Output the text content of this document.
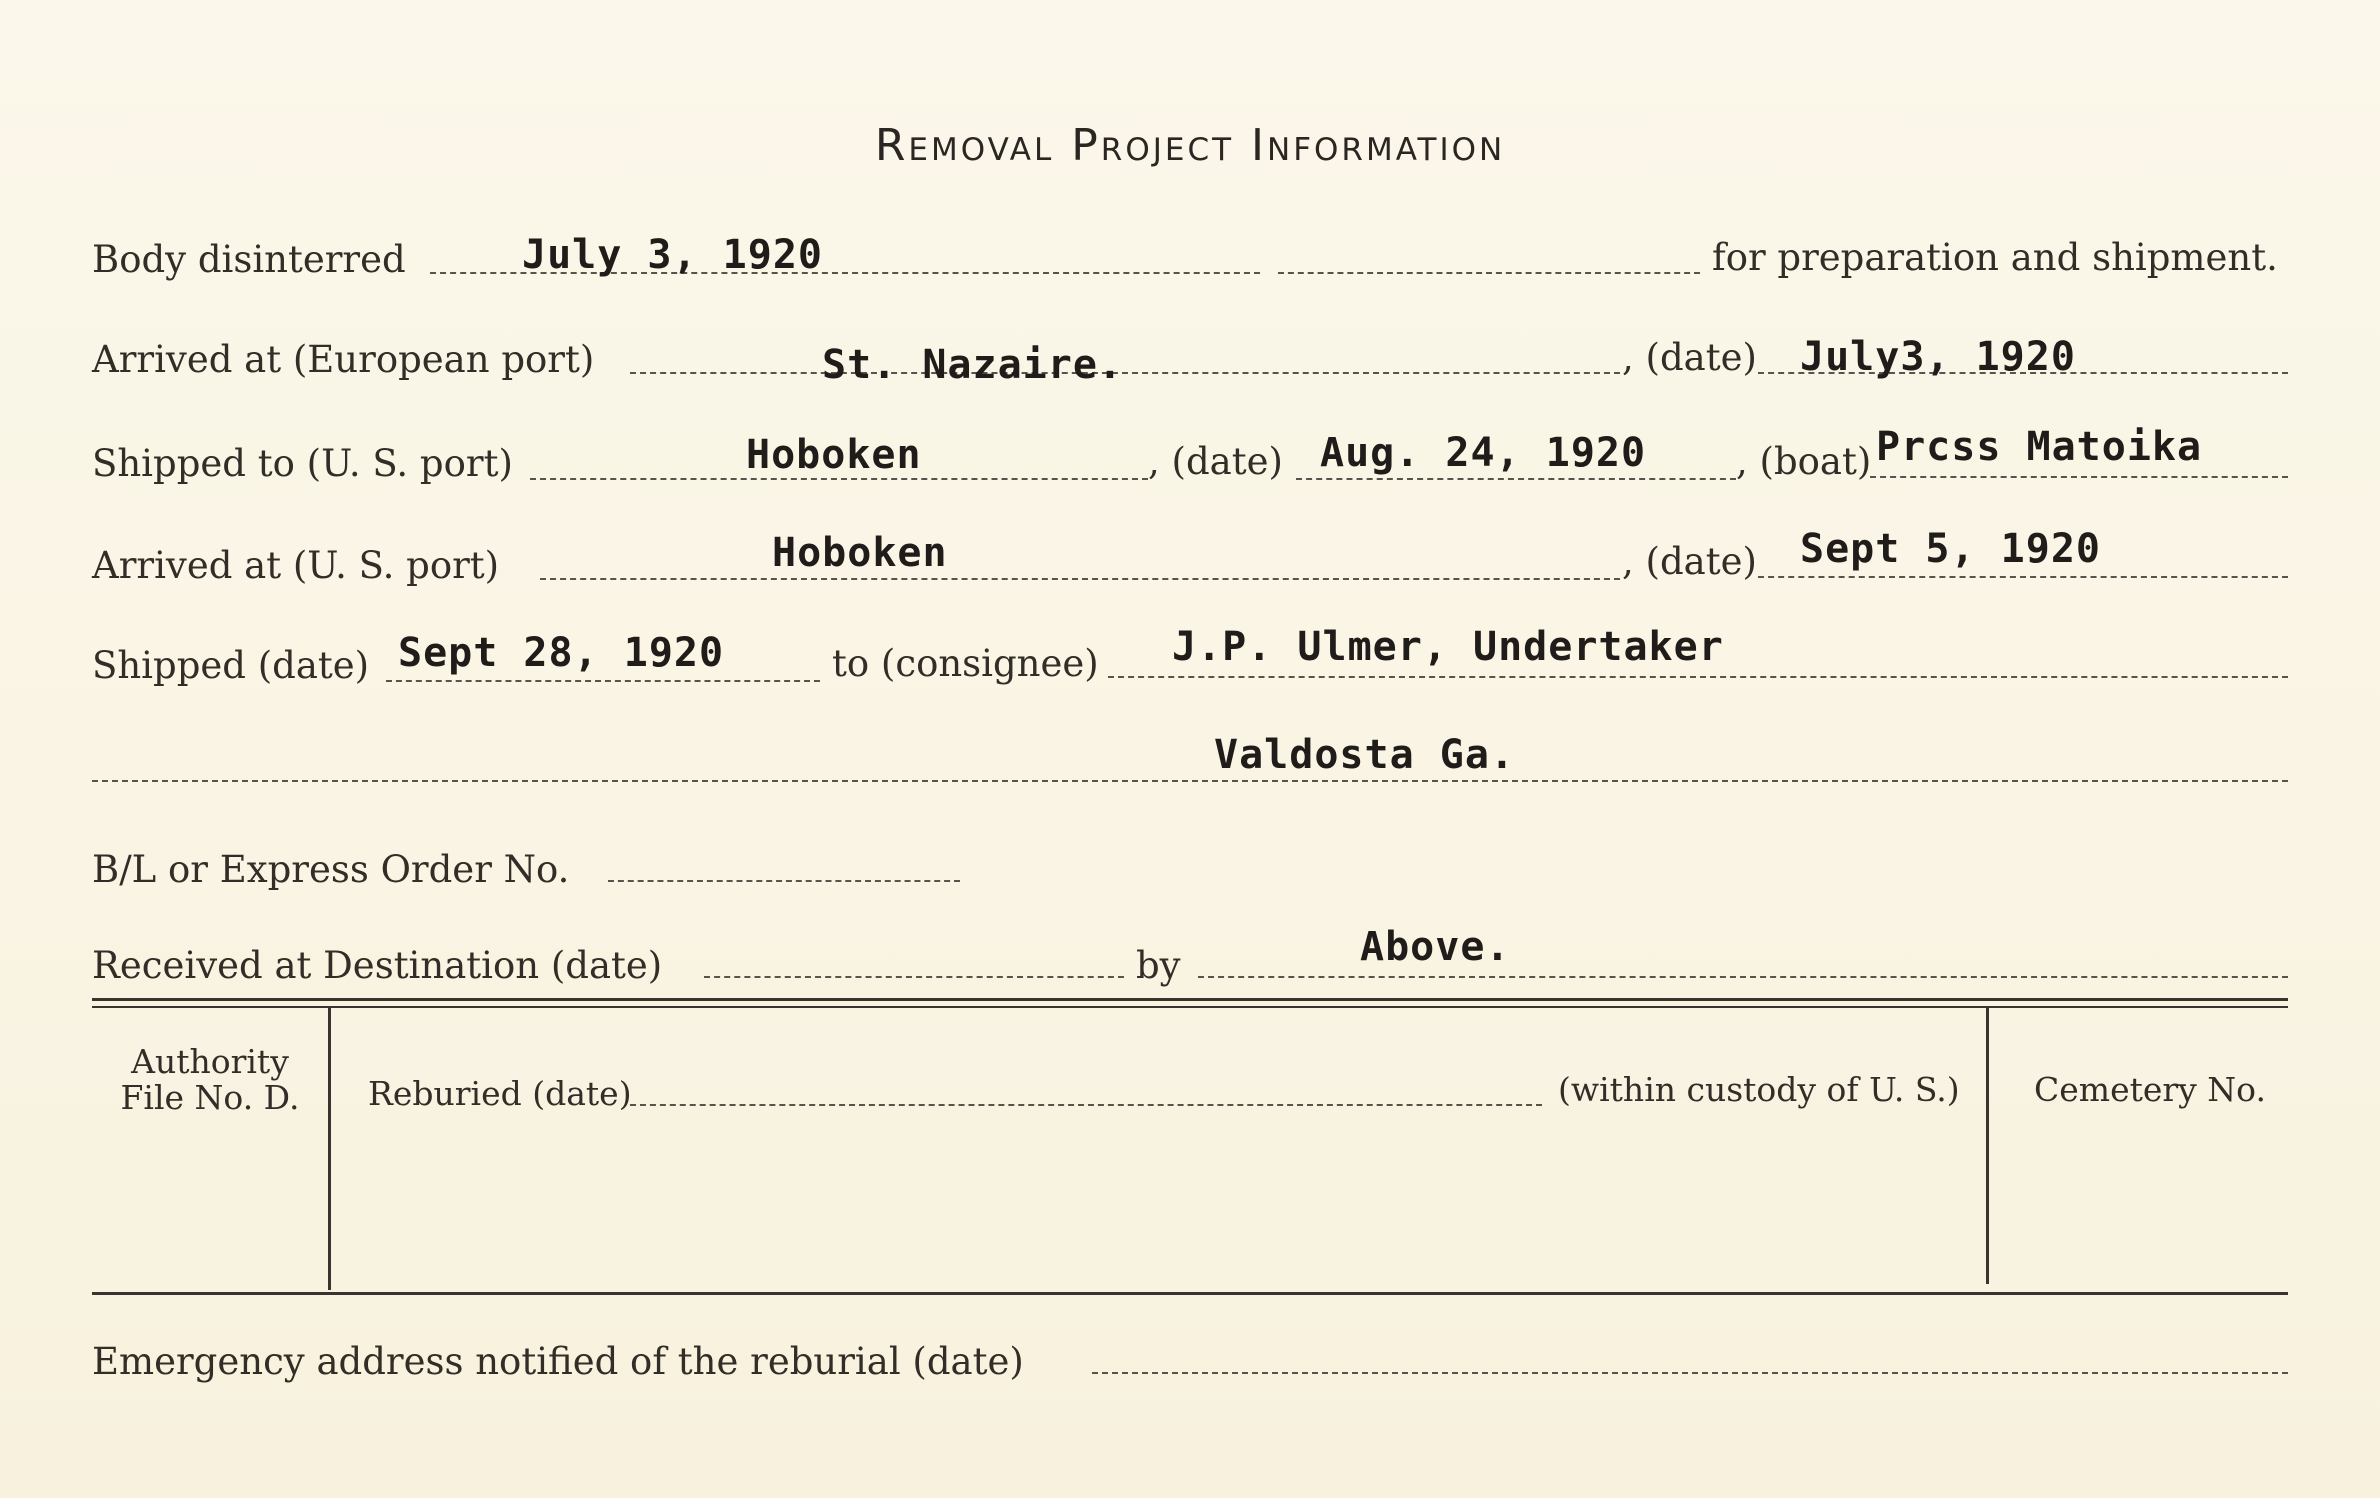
Removal Project Information
Body disinterred	July 3, 1920	for preparation and shipment.
Arrived at (European port)	St. Nazaire.	, (date) July3, 1920
Shipped to (U. S. port)	Hoboken	, (date) Aug. 24, 1920 , (boat) Prcss Matoika
Arrived at (U. S. port)	Hoboken	, (date) Sept 5, 1920
Shipped (date) Sept 28, 1920	to (consignee) J.P. Ulmer, Undertaker
Valdosta Ga.
B/L or Express Order No.
Received at Destination (date)	by	Above.
Authority
File No. D.	Reburied (date)	(within custody of U. S.) Cemetery No.
Emergency address notified of the reburial (date)
